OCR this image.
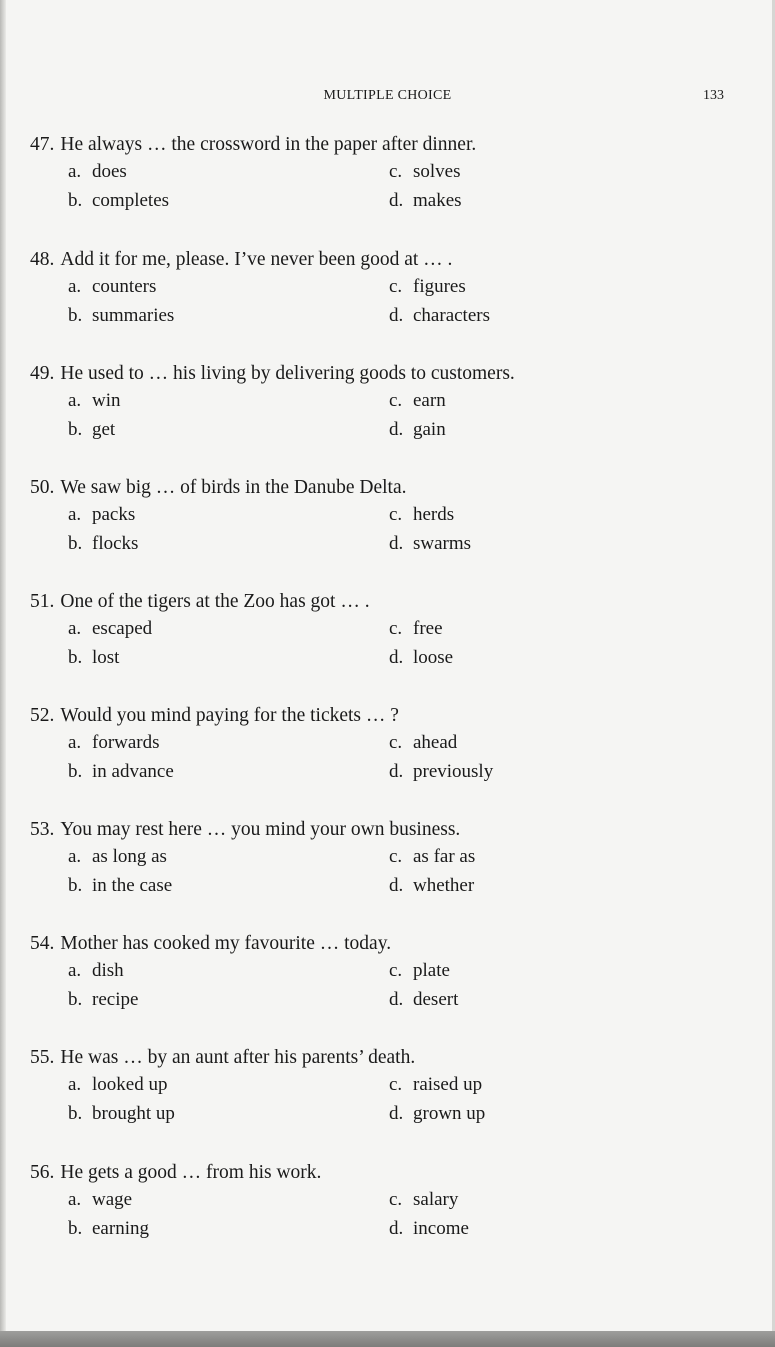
MULTIPLE CHOICE	133
47. He always … the crossword in the paper after dinner.
a. does	c. solves
b. completes	d. makes
48. Add it for me, please. I’ve never been good at … .
a. counters	c. figures
b. summaries	d. characters
49. He used to … his living by delivering goods to customers.
a. win	c. earn
b. get	d. gain
50. We saw big … of birds in the Danube Delta.
a. packs	c. herds
b. flocks	d. swarms
51. One of the tigers at the Zoo has got … .
a. escaped	c. free
b. lost	d. loose
52. Would you mind paying for the tickets … ?
a. forwards	c. ahead
b. in advance	d. previously
53. You may rest here … you mind your own business.
a. as long as	c. as far as
b. in the case	d. whether
54. Mother has cooked my favourite … today.
a. dish	c. plate
b. recipe	d. desert
55. He was … by an aunt after his parents’ death.
a. looked up	c. raised up
b. brought up	d. grown up
56. He gets a good … from his work.
a. wage	c. salary
b. earning	d. income
